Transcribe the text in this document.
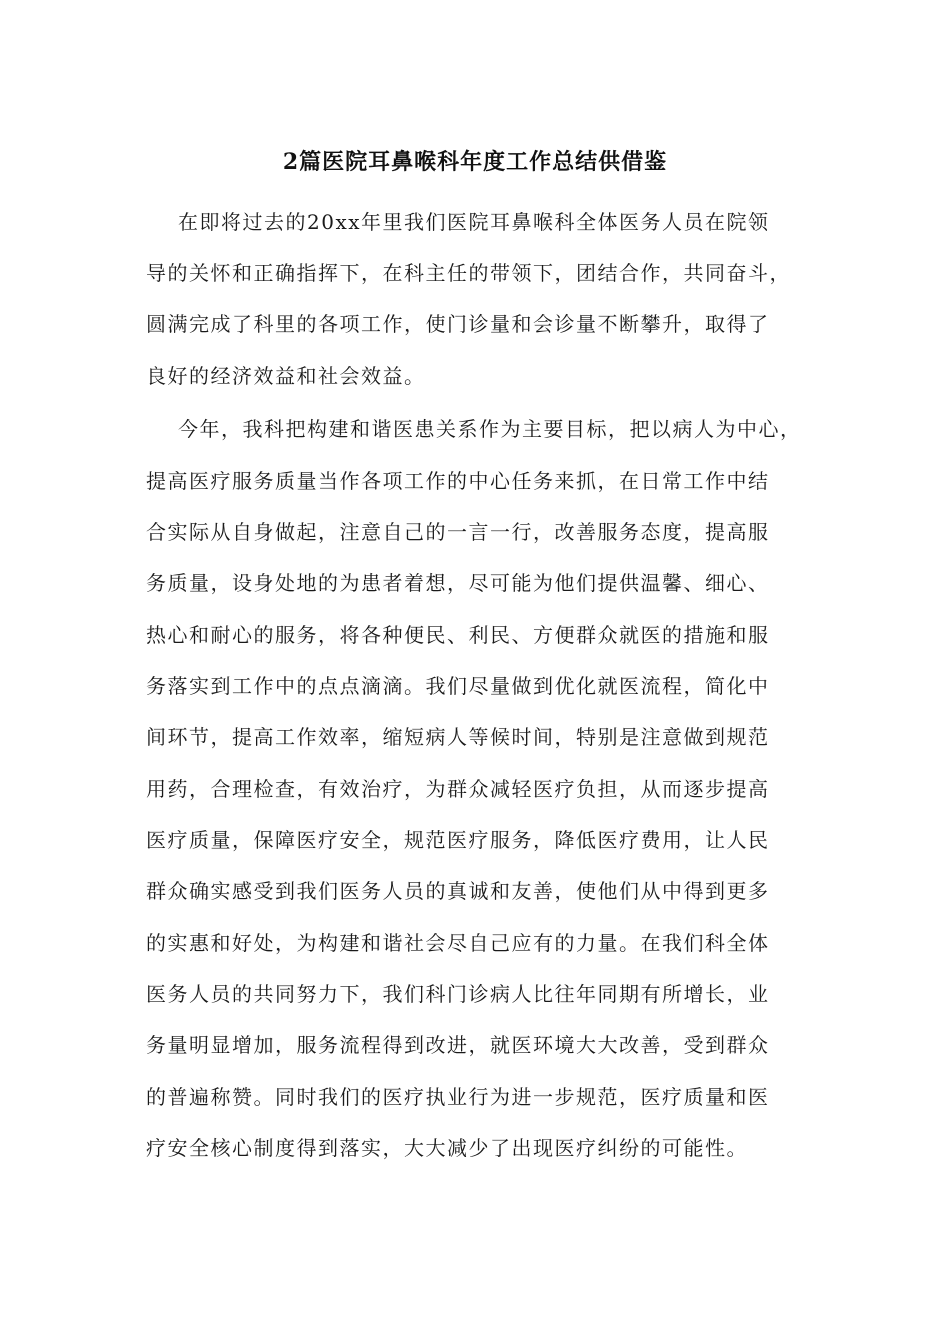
2篇医院耳鼻喉科年度工作总结供借鉴
在即将过去的20xx年里我们医院耳鼻喉科全体医务人员在院领
导的关怀和正确指挥下，在科主任的带领下，团结合作，共同奋斗，
圆满完成了科里的各项工作，使门诊量和会诊量不断攀升，取得了
良好的经济效益和社会效益。
今年，我科把构建和谐医患关系作为主要目标，把以病人为中心，
提高医疗服务质量当作各项工作的中心任务来抓，在日常工作中结
合实际从自身做起，注意自己的一言一行，改善服务态度，提高服
务质量，设身处地的为患者着想，尽可能为他们提供温馨、细心、
热心和耐心的服务，将各种便民、利民、方便群众就医的措施和服
务落实到工作中的点点滴滴。我们尽量做到优化就医流程，简化中
间环节，提高工作效率，缩短病人等候时间，特别是注意做到规范
用药，合理检查，有效治疗，为群众减轻医疗负担，从而逐步提高
医疗质量，保障医疗安全，规范医疗服务，降低医疗费用，让人民
群众确实感受到我们医务人员的真诚和友善，使他们从中得到更多
的实惠和好处，为构建和谐社会尽自己应有的力量。在我们科全体
医务人员的共同努力下，我们科门诊病人比往年同期有所增长，业
务量明显增加，服务流程得到改进，就医环境大大改善，受到群众
的普遍称赞。同时我们的医疗执业行为进一步规范，医疗质量和医
疗安全核心制度得到落实，大大减少了出现医疗纠纷的可能性。
